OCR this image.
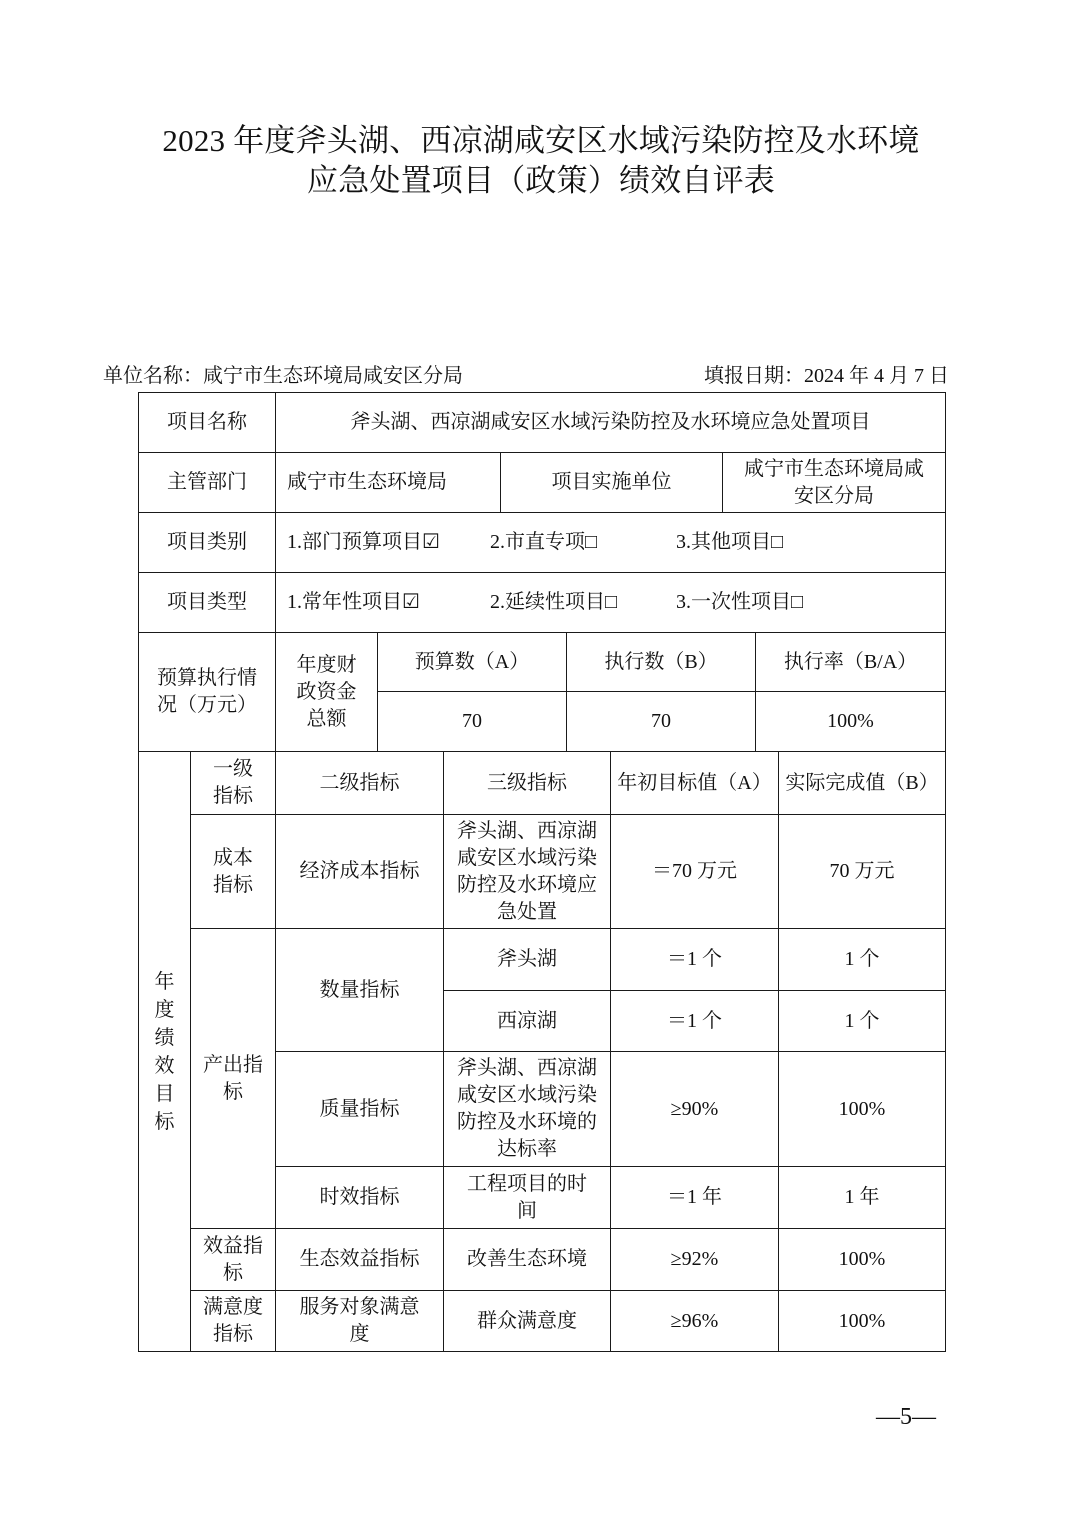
2023 年度斧头湖、西凉湖咸安区水域污染防控及水环境
应急处置项目（政策）绩效自评表
单位名称：咸宁市生态环境局咸安区分局	填报日期：2024 年 4 月 7 日
项目名称	斧头湖、西凉湖咸安区水域污染防控及水环境应急处置项目		
主管部门	咸宁市生态环境局	项目实施单位	咸宁市生态环境局咸安区分局
项目类别	1.部门预算项目☑ 2.市直专项□ 3.其他项目□		
项目类型	1.常年性项目☑ 2.延续性项目□ 3.一次性项目□		
预算执行情况（万元）	年度财政资金总额	预算数（A）	执行数（B）	执行率（B/A）
		70	70	100%
年度绩效目标	一级指标	二级指标	三级指标	年初目标值（A）	实际完成值（B）
	成本指标	经济成本指标	斧头湖、西凉湖咸安区水域污染防控及水环境应急处置	＝70 万元	70 万元
	产出指标	数量指标	斧头湖	＝1 个	1 个
			西凉湖	＝1 个	1 个
		质量指标	斧头湖、西凉湖咸安区水域污染防控及水环境的达标率	≥90%	100%
		时效指标	工程项目的时间	＝1 年	1 年
	效益指标	生态效益指标	改善生态环境	≥92%	100%
	满意度指标	服务对象满意度	群众满意度	≥96%	100%
—5—
